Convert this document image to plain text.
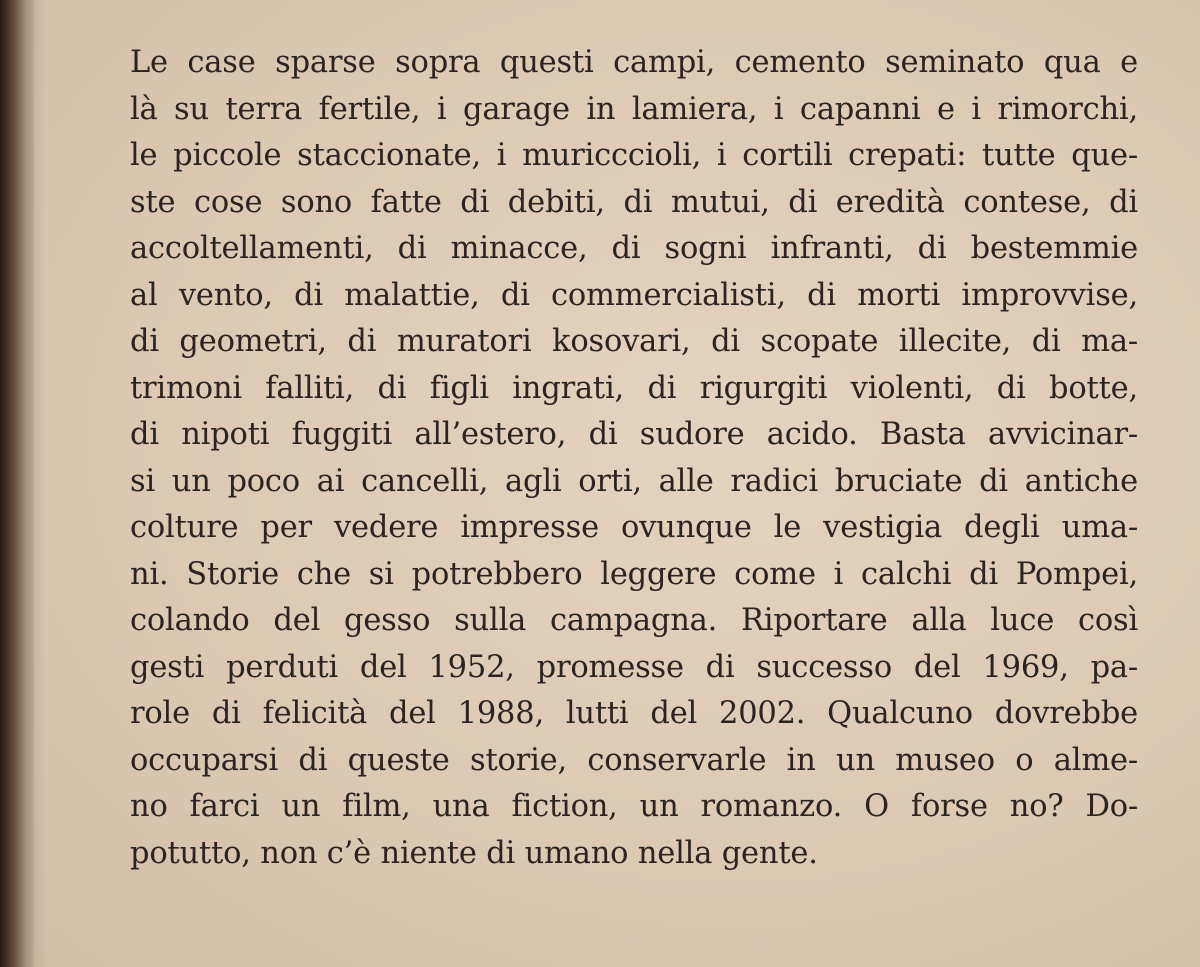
Le case sparse sopra questi campi, cemento seminato qua e
là su terra fertile, i garage in lamiera, i capanni e i rimorchi,
le piccole staccionate, i muricccioli, i cortili crepati: tutte que-
ste cose sono fatte di debiti, di mutui, di eredità contese, di
accoltellamenti, di minacce, di sogni infranti, di bestemmie
al vento, di malattie, di commercialisti, di morti improvvise,
di geometri, di muratori kosovari, di scopate illecite, di ma-
trimoni falliti, di figli ingrati, di rigurgiti violenti, di botte,
di nipoti fuggiti all’estero, di sudore acido. Basta avvicinar-
si un poco ai cancelli, agli orti, alle radici bruciate di antiche
colture per vedere impresse ovunque le vestigia degli uma-
ni. Storie che si potrebbero leggere come i calchi di Pompei,
colando del gesso sulla campagna. Riportare alla luce così
gesti perduti del 1952, promesse di successo del 1969, pa-
role di felicità del 1988, lutti del 2002. Qualcuno dovrebbe
occuparsi di queste storie, conservarle in un museo o alme-
no farci un film, una fiction, un romanzo. O forse no? Do-
potutto, non c’è niente di umano nella gente.
